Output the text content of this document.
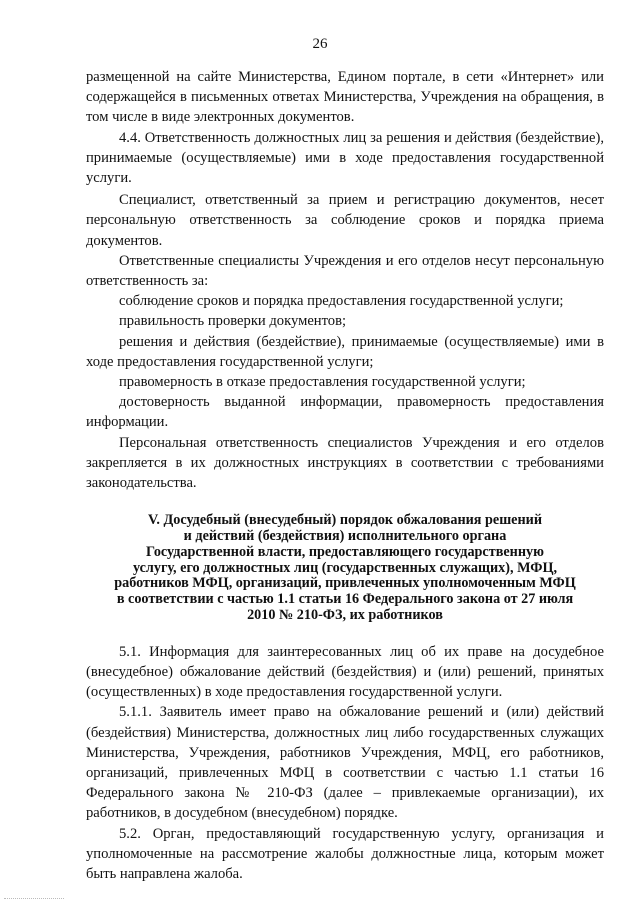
26

размещенной на сайте Министерства, Едином портале, в сети «Интернет» или содержащейся в письменных ответах Министерства, Учреждения на обращения, в том числе в виде электронных документов.

4.4. Ответственность должностных лиц за решения и действия (бездействие), принимаемые (осуществляемые) ими в ходе предоставления государственной услуги.

Специалист, ответственный за прием и регистрацию документов, несет персональную ответственность за соблюдение сроков и порядка приема документов.

Ответственные специалисты Учреждения и его отделов несут персональную ответственность за:

соблюдение сроков и порядка предоставления государственной услуги;

правильность проверки документов;

решения и действия (бездействие), принимаемые (осуществляемые) ими в ходе предоставления государственной услуги;

правомерность в отказе предоставления государственной услуги;

достоверность выданной информации, правомерность предоставления информации.

Персональная ответственность специалистов Учреждения и его отделов закрепляется в их должностных инструкциях в соответствии с требованиями законодательства.

V. Досудебный (внесудебный) порядок обжалования решений
и действий (бездействия) исполнительного органа
Государственной власти, предоставляющего государственную
услугу, его должностных лиц (государственных служащих), МФЦ,
работников МФЦ, организаций, привлеченных уполномоченным МФЦ
в соответствии с частью 1.1 статьи 16 Федерального закона от 27 июля
2010 № 210-ФЗ, их работников

5.1. Информация для заинтересованных лиц об их праве на досудебное (внесудебное) обжалование действий (бездействия) и (или) решений, принятых (осуществленных) в ходе предоставления государственной услуги.

5.1.1. Заявитель имеет право на обжалование решений и (или) действий (бездействия) Министерства, должностных лиц либо государственных служащих Министерства, Учреждения, работников Учреждения, МФЦ, его работников, организаций, привлеченных МФЦ в соответствии с частью 1.1 статьи 16 Федерального закона № 210-ФЗ (далее – привлекаемые организации), их работников, в досудебном (внесудебном) порядке.

5.2. Орган, предоставляющий государственную услугу, организация и уполномоченные на рассмотрение жалобы должностные лица, которым может быть направлена жалоба.
